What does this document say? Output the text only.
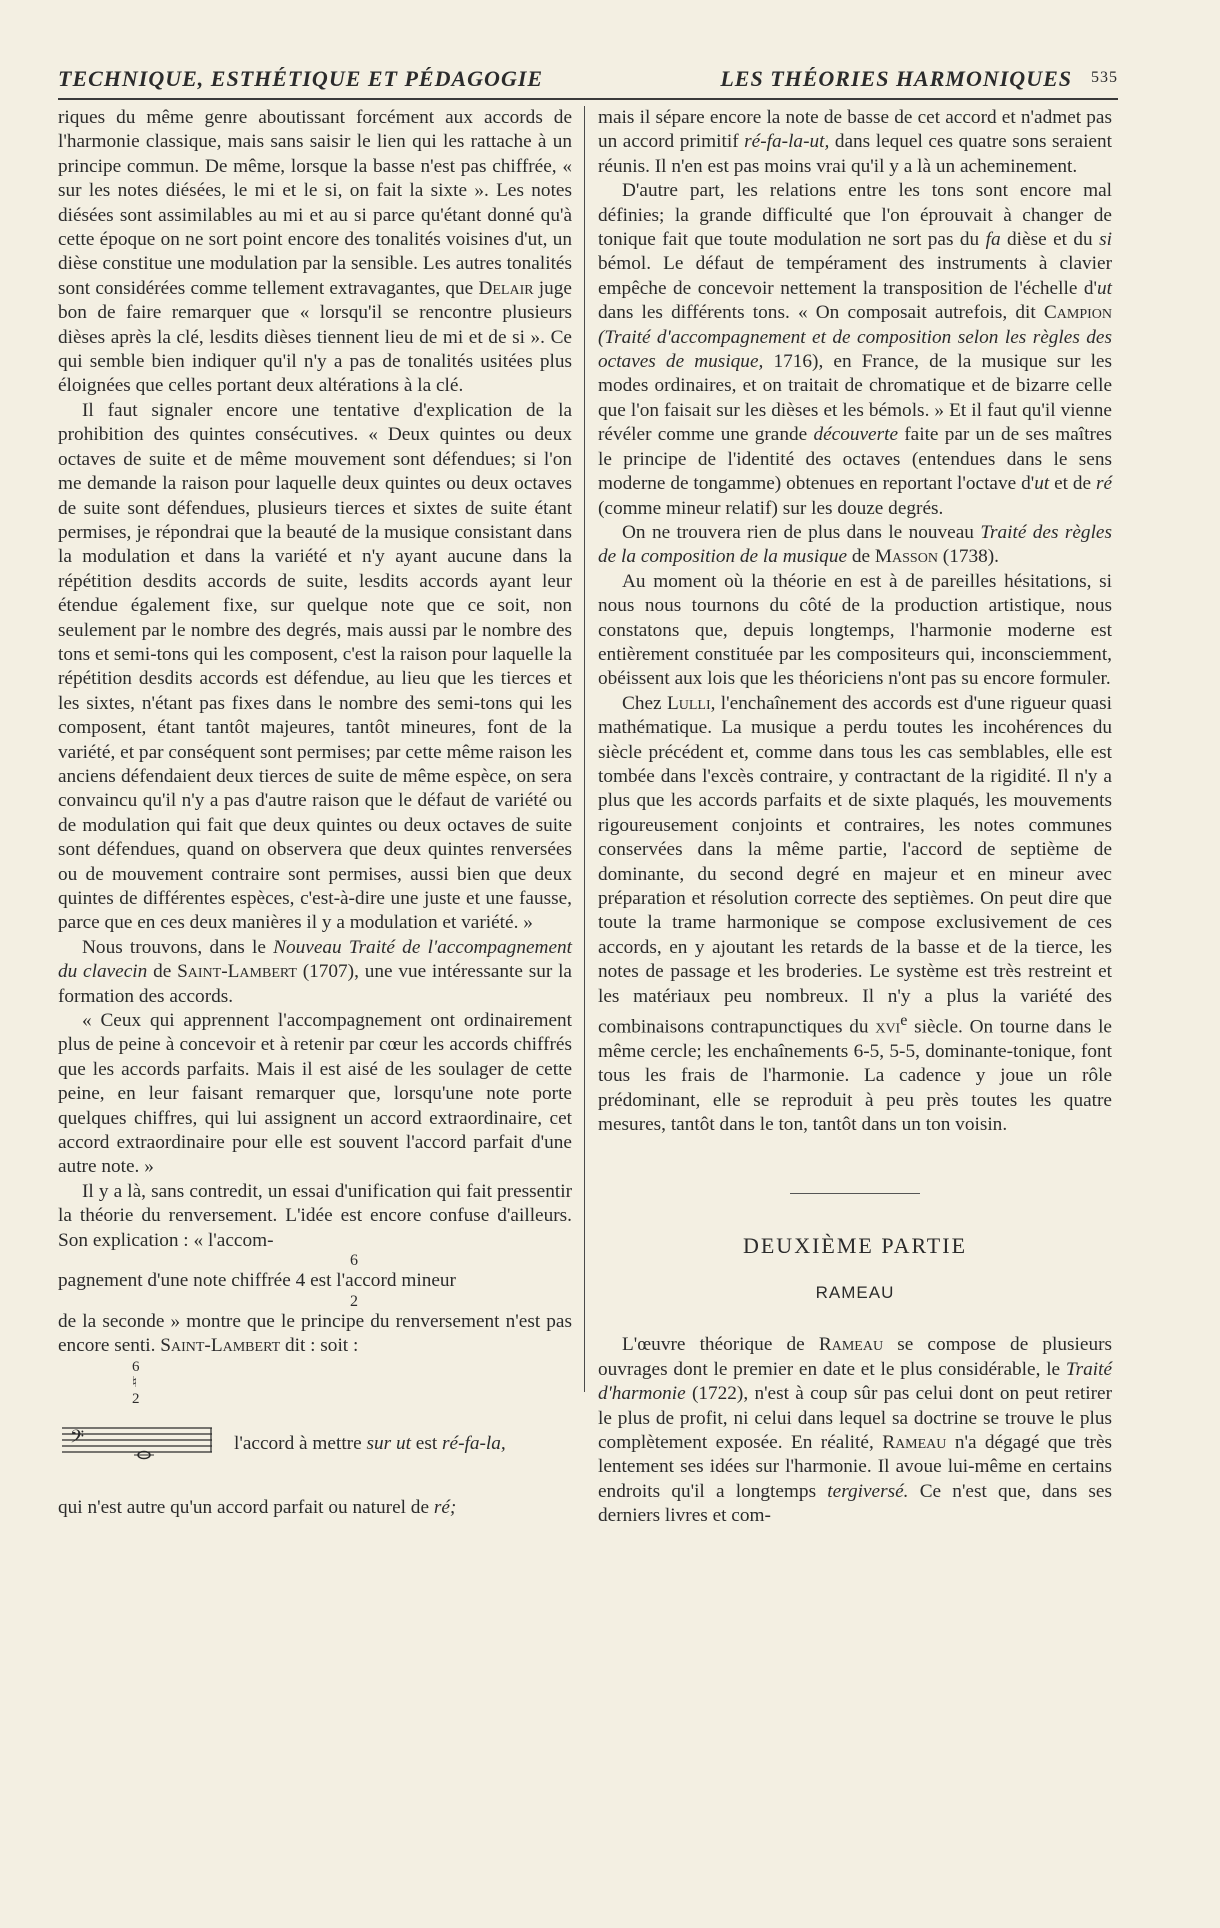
TECHNIQUE, ESTHÉTIQUE ET PÉDAGOGIE	LES THÉORIES HARMONIQUES 535

riques du même genre aboutissant forcément aux accords de l'harmonie classique, mais sans saisir le lien qui les rattache à un principe commun. De même, lorsque la basse n'est pas chiffrée, « sur les notes diésées, le mi et le si, on fait la sixte ». Les notes diésées sont assimilables au mi et au si parce qu'étant donné qu'à cette époque on ne sort point encore des tonalités voisines d'ut, un dièse constitue une modulation par la sensible. Les autres tonalités sont considérées comme tellement extravagantes, que Delair juge bon de faire remarquer que « lorsqu'il se rencontre plusieurs dièses après la clé, lesdits dièses tiennent lieu de mi et de si ». Ce qui semble bien indiquer qu'il n'y a pas de tonalités usitées plus éloignées que celles portant deux altérations à la clé.

Il faut signaler encore une tentative d'explication de la prohibition des quintes consécutives. « Deux quintes ou deux octaves de suite et de même mouvement sont défendues; si l'on me demande la raison pour laquelle deux quintes ou deux octaves de suite sont défendues, plusieurs tierces et sixtes de suite étant permises, je répondrai que la beauté de la musique consistant dans la modulation et dans la variété et n'y ayant aucune dans la répétition desdits accords de suite, lesdits accords ayant leur étendue également fixe, sur quelque note que ce soit, non seulement par le nombre des degrés, mais aussi par le nombre des tons et semi-tons qui les composent, c'est la raison pour laquelle la répétition desdits accords est défendue, au lieu que les tierces et les sixtes, n'étant pas fixes dans le nombre des semi-tons qui les composent, étant tantôt majeures, tantôt mineures, font de la variété, et par conséquent sont permises; par cette même raison les anciens défendaient deux tierces de suite de même espèce, on sera convaincu qu'il n'y a pas d'autre raison que le défaut de variété ou de modulation qui fait que deux quintes ou deux octaves de suite sont défendues, quand on observera que deux quintes renversées ou de mouvement contraire sont permises, aussi bien que deux quintes de différentes espèces, c'est-à-dire une juste et une fausse, parce que en ces deux manières il y a modulation et variété. »

Nous trouvons, dans le Nouveau Traité de l'accompagnement du clavecin de Saint-Lambert (1707), une vue intéressante sur la formation des accords.

« Ceux qui apprennent l'accompagnement ont ordinairement plus de peine à concevoir et à retenir par cœur les accords chiffrés que les accords parfaits. Mais il est aisé de les soulager de cette peine, en leur faisant remarquer que, lorsqu'une note porte quelques chiffres, qui lui assignent un accord extraordinaire, cet accord extraordinaire pour elle est souvent l'accord parfait d'une autre note. »

Il y a là, sans contredit, un essai d'unification qui fait pressentir la théorie du renversement. L'idée est encore confuse d'ailleurs. Son explication : « l'accom-
6
pagnement d'une note chiffrée 4 est l'accord mineur
2
de la seconde » montre que le principe du renversement n'est pas encore senti. Saint-Lambert dit : soit :

6
♮
2
𝄢	l'accord à mettre sur ut est ré-fa-la,

qui n'est autre qu'un accord parfait ou naturel de ré;

mais il sépare encore la note de basse de cet accord et n'admet pas un accord primitif ré-fa-la-ut, dans lequel ces quatre sons seraient réunis. Il n'en est pas moins vrai qu'il y a là un acheminement.

D'autre part, les relations entre les tons sont encore mal définies; la grande difficulté que l'on éprouvait à changer de tonique fait que toute modulation ne sort pas du fa dièse et du si bémol. Le défaut de tempérament des instruments à clavier empêche de concevoir nettement la transposition de l'échelle d'ut dans les différents tons. « On composait autrefois, dit Campion (Traité d'accompagnement et de composition selon les règles des octaves de musique, 1716), en France, de la musique sur les modes ordinaires, et on traitait de chromatique et de bizarre celle que l'on faisait sur les dièses et les bémols. » Et il faut qu'il vienne révéler comme une grande découverte faite par un de ses maîtres le principe de l'identité des octaves (entendues dans le sens moderne de tongamme) obtenues en reportant l'octave d'ut et de ré (comme mineur relatif) sur les douze degrés.

On ne trouvera rien de plus dans le nouveau Traité des règles de la composition de la musique de Masson (1738).

Au moment où la théorie en est à de pareilles hésitations, si nous nous tournons du côté de la production artistique, nous constatons que, depuis longtemps, l'harmonie moderne est entièrement constituée par les compositeurs qui, inconsciemment, obéissent aux lois que les théoriciens n'ont pas su encore formuler.

Chez Lulli, l'enchaînement des accords est d'une rigueur quasi mathématique. La musique a perdu toutes les incohérences du siècle précédent et, comme dans tous les cas semblables, elle est tombée dans l'excès contraire, y contractant de la rigidité. Il n'y a plus que les accords parfaits et de sixte plaqués, les mouvements rigoureusement conjoints et contraires, les notes communes conservées dans la même partie, l'accord de septième de dominante, du second degré en majeur et en mineur avec préparation et résolution correcte des septièmes. On peut dire que toute la trame harmonique se compose exclusivement de ces accords, en y ajoutant les retards de la basse et de la tierce, les notes de passage et les broderies. Le système est très restreint et les matériaux peu nombreux. Il n'y a plus la variété des combinaisons contrapunctiques du xvi$^e$ siècle. On tourne dans le même cercle; les enchaînements 6-5, 5-5, dominante-tonique, font tous les frais de l'harmonie. La cadence y joue un rôle prédominant, elle se reproduit à peu près toutes les quatre mesures, tantôt dans le ton, tantôt dans un ton voisin.

DEUXIÈME PARTIE
RAMEAU

L'œuvre théorique de Rameau se compose de plusieurs ouvrages dont le premier en date et le plus considérable, le Traité d'harmonie (1722), n'est à coup sûr pas celui dont on peut retirer le plus de profit, ni celui dans lequel sa doctrine se trouve le plus complètement exposée. En réalité, Rameau n'a dégagé que très lentement ses idées sur l'harmonie. Il avoue lui-même en certains endroits qu'il a longtemps tergiversé. Ce n'est que, dans ses derniers livres et com-
